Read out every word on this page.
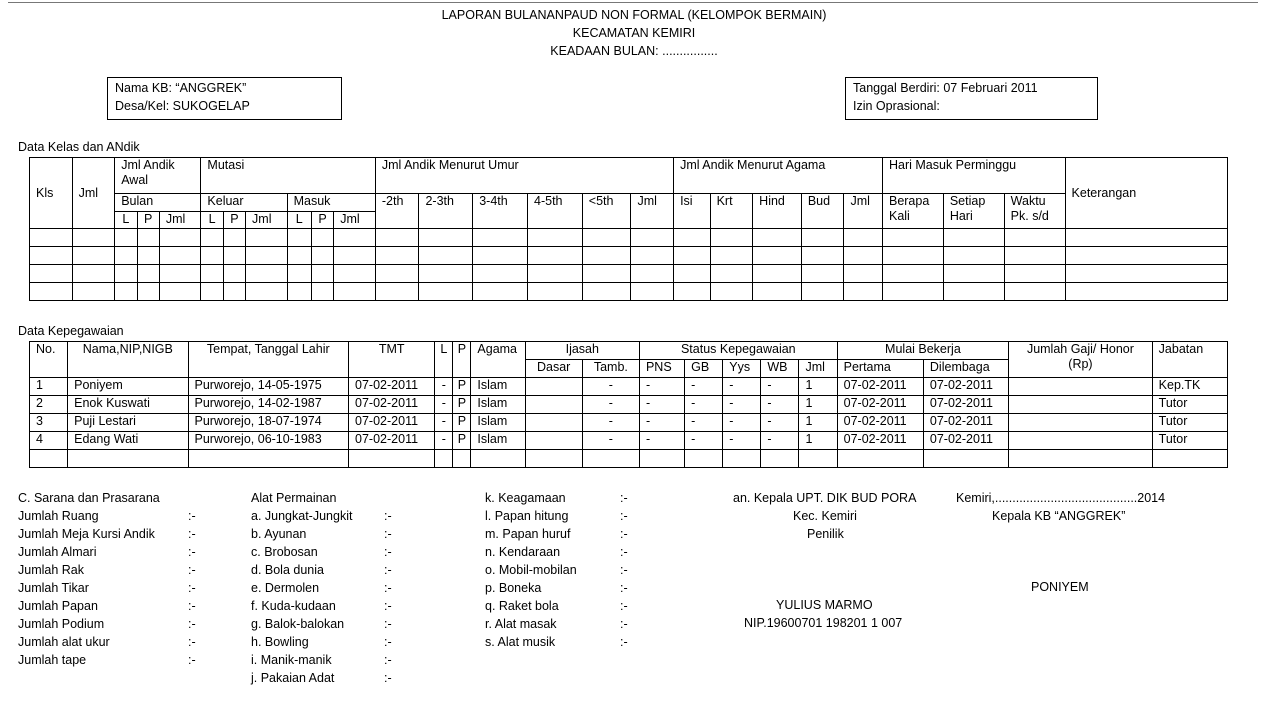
LAPORAN BULANANPAUD NON FORMAL (KELOMPOK BERMAIN)
KECAMATAN KEMIRI
KEADAAN BULAN: ................
Nama KB: “ANGGREK”
Desa/Kel: SUKOGELAP
Tanggal Berdiri: 07 Februari 2011
Izin Oprasional:
Data Kelas dan ANdik
Kls	Jml	Jml Andik Awal			Mutasi						Jml Andik Menurut Umur						Jml Andik Menurut Agama					Hari Masuk Perminggu			Keterangan
		Bulan			Keluar			Masuk			-2th	2-3th	3-4th	4-5th	<5th	Jml	Isi	Krt	Hind	Bud	Jml	Berapa Kali	Setiap Hari	Waktu Pk. s/d	
		L	P	Jml	L	P	Jml	L	P	Jml															

Data Kepegawaian
No.	Nama,NIP,NIGB	Tempat, Tanggal Lahir	TMT	L	P	Agama	Ijasah		Status Kepegawaian					Mulai Bekerja		Jumlah Gaji/ Honor (Rp)	Jabatan
							Dasar	Tamb.	PNS	GB	Yys	WB	Jml	Pertama	Dilembaga		
1	Poniyem	Purworejo, 14-05-1975	07-02-2011	-	P	Islam		-	-	-	-	-	1	07-02-2011	07-02-2011		Kep.TK
2	Enok Kuswati	Purworejo, 14-02-1987	07-02-2011	-	P	Islam		-	-	-	-	-	1	07-02-2011	07-02-2011		Tutor
3	Puji Lestari	Purworejo, 18-07-1974	07-02-2011	-	P	Islam		-	-	-	-	-	1	07-02-2011	07-02-2011		Tutor
4	Edang Wati	Purworejo, 06-10-1983	07-02-2011	-	P	Islam		-	-	-	-	-	1	07-02-2011	07-02-2011		Tutor

C. Sarana dan Prasarana
Jumlah Ruang	:-
Jumlah Meja Kursi Andik	:-
Jumlah Almari	:-
Jumlah Rak	:-
Jumlah Tikar	:-
Jumlah Papan	:-
Jumlah Podium	:-
Jumlah alat ukur	:-
Jumlah tape	:-
Alat Permainan
a. Jungkat-Jungkit	:-
b. Ayunan	:-
c. Brobosan	:-
d. Bola dunia	:-
e. Dermolen	:-
f. Kuda-kudaan	:-
g. Balok-balokan	:-
h. Bowling	:-
i. Manik-manik	:-
j. Pakaian Adat	:-
k. Keagamaan	:-
l. Papan hitung	:-
m. Papan huruf	:-
n. Kendaraan	:-
o. Mobil-mobilan	:-
p. Boneka	:-
q. Raket bola	:-
r. Alat masak	:-
s. Alat musik	:-
an. Kepala UPT. DIK BUD PORA
Kec. Kemiri
Penilik
YULIUS MARMO
NIP.19600701 198201 1 007
Kemiri,.........................................2014
Kepala KB “ANGGREK”
PONIYEM
